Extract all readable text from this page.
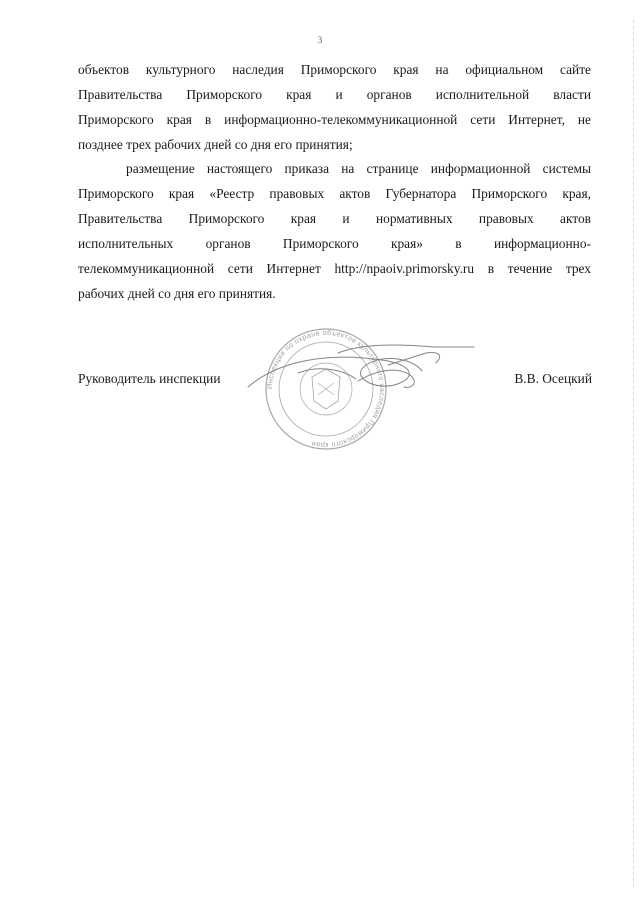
3
объектов культурного наследия Приморского края на официальном сайте
Правительства Приморского края и органов исполнительной власти
Приморского края в информационно-телекоммуникационной сети Интернет, не
позднее трех рабочих дней со дня его принятия;
размещение настоящего приказа на странице информационной системы
Приморского края «Реестр правовых актов Губернатора Приморского края,
Правительства Приморского края и нормативных правовых актов
исполнительных органов Приморского края» в информационно-
телекоммуникационной сети Интернет http://npaoiv.primorsky.ru в течение трех
рабочих дней со дня его принятия.
Руководитель инспекции
Инспекция по охране объектов культурного наследия Приморского края
В.В. Осецкий
